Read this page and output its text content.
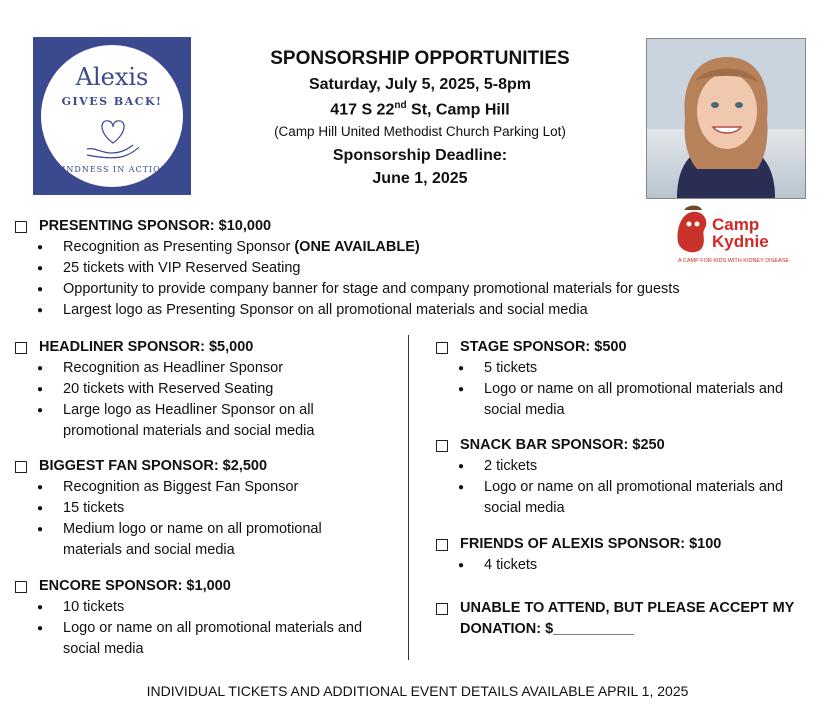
Alexis
GIVES BACK!
KINDNESS IN ACTION
SPONSORSHIP OPPORTUNITIES
Saturday, July 5, 2025, 5-8pm
417 S 22nd St, Camp Hill
(Camp Hill United Methodist Church Parking Lot)
Sponsorship Deadline:
June 1, 2025
Camp
Kydnie
A CAMP FOR KIDS WITH KIDNEY DISEASE
PRESENTING SPONSOR: $10,000
● Recognition as Presenting Sponsor (ONE AVAILABLE)
● 25 tickets with VIP Reserved Seating
● Opportunity to provide company banner for stage and company promotional materials for guests
● Largest logo as Presenting Sponsor on all promotional materials and social media
HEADLINER SPONSOR: $5,000
● Recognition as Headliner Sponsor
● 20 tickets with Reserved Seating
● Large logo as Headliner Sponsor on all promotional materials and social media
BIGGEST FAN SPONSOR: $2,500
● Recognition as Biggest Fan Sponsor
● 15 tickets
● Medium logo or name on all promotional materials and social media
ENCORE SPONSOR: $1,000
● 10 tickets
● Logo or name on all promotional materials and social media
STAGE SPONSOR: $500
● 5 tickets
● Logo or name on all promotional materials and social media
SNACK BAR SPONSOR: $250
● 2 tickets
● Logo or name on all promotional materials and social media
FRIENDS OF ALEXIS SPONSOR: $100
● 4 tickets
UNABLE TO ATTEND, BUT PLEASE ACCEPT MY DONATION: $__________
INDIVIDUAL TICKETS AND ADDITIONAL EVENT DETAILS AVAILABLE APRIL 1, 2025
